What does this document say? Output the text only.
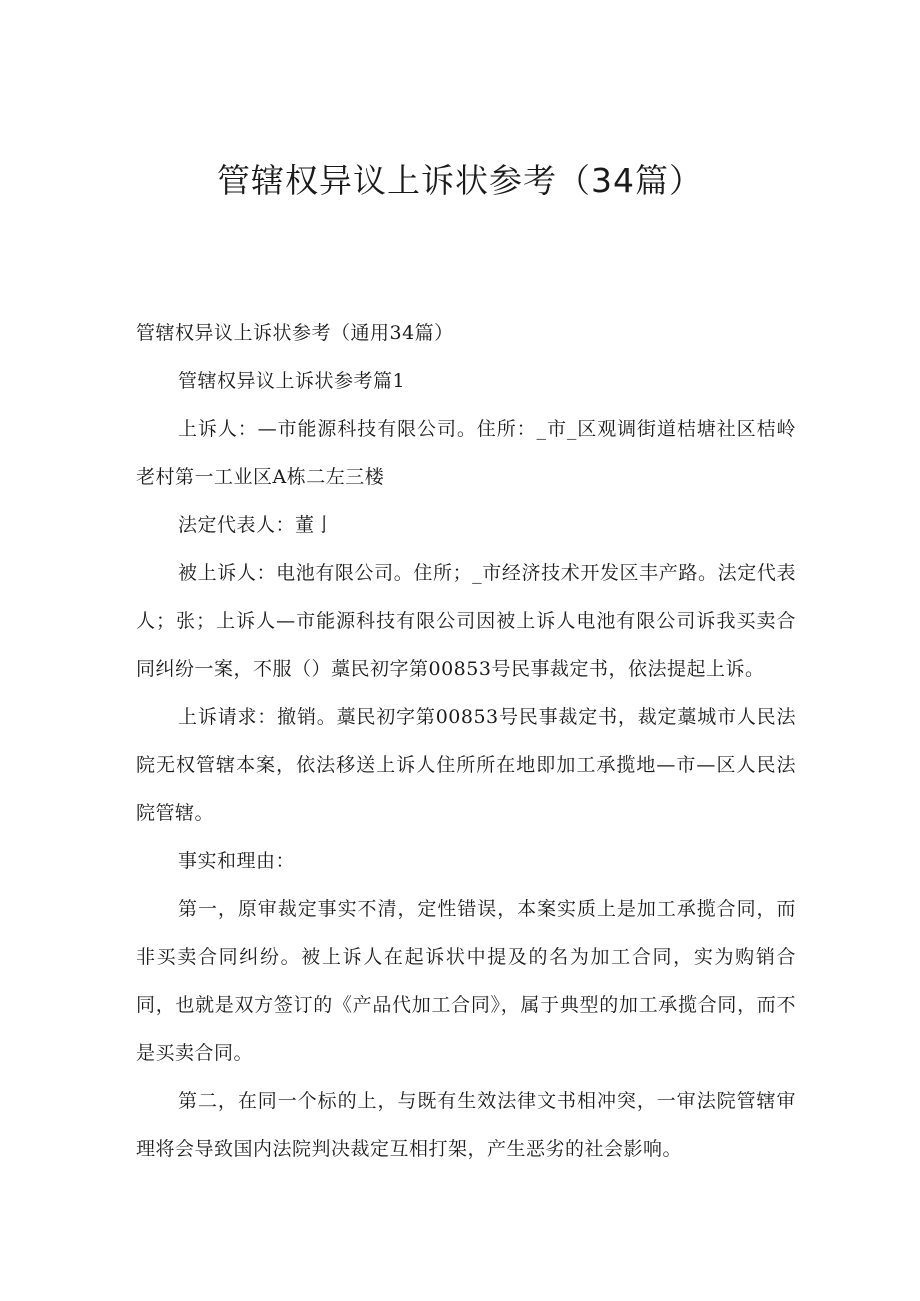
管辖权异议上诉状参考（34篇）

管辖权异议上诉状参考（通用34篇）

管辖权异议上诉状参考篇1

上诉人：—市能源科技有限公司。住所：_市_区观调街道桔塘社区桔岭老村第一工业区A栋二左三楼

法定代表人：董亅

被上诉人：电池有限公司。住所；_市经济技术开发区丰产路。法定代表人；张；上诉人—市能源科技有限公司因被上诉人电池有限公司诉我买卖合同纠纷一案，不服（）藁民初字第00853号民事裁定书，依法提起上诉。

上诉请求：撤销。藁民初字第00853号民事裁定书，裁定藁城市人民法院无权管辖本案，依法移送上诉人住所所在地即加工承揽地—市—区人民法院管辖。

事实和理由：

第一，原审裁定事实不清，定性错误，本案实质上是加工承揽合同，而非买卖合同纠纷。被上诉人在起诉状中提及的名为加工合同，实为购销合同，也就是双方签订的《产品代加工合同》，属于典型的加工承揽合同，而不是买卖合同。

第二，在同一个标的上，与既有生效法律文书相冲突，一审法院管辖审理将会导致国内法院判决裁定互相打架，产生恶劣的社会影响。
